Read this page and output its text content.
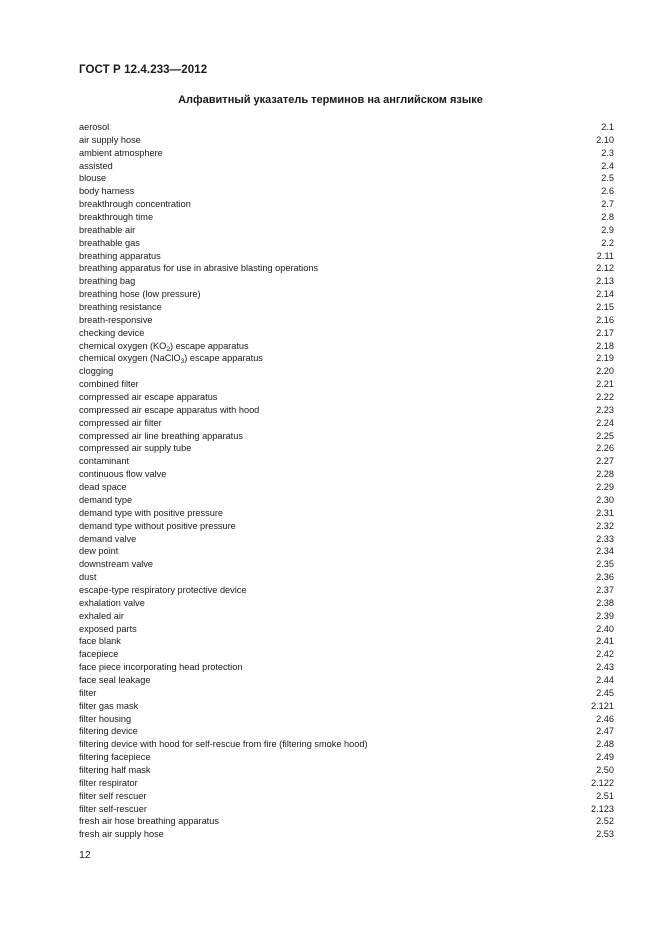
ГОСТ Р 12.4.233—2012
Алфавитный указатель терминов на английском языке
aerosol	2.1
air supply hose	2.10
ambient atmosphere	2.3
assisted	2.4
blouse	2.5
body harness	2.6
breakthrough concentration	2.7
breakthrough time	2.8
breathable air	2.9
breathable gas	2.2
breathing apparatus	2.11
breathing apparatus for use in abrasive blasting operations	2.12
breathing bag	2.13
breathing hose (low pressure)	2.14
breathing resistance	2.15
breath-responsive	2.16
checking device	2.17
chemical oxygen $(KO_2)$ escape apparatus	2.18
chemical oxygen (NaClO$_3$) escape apparatus	2.19
clogging	2.20
combined filter	2.21
compressed air escape apparatus	2.22
compressed air escape apparatus with hood	2.23
compressed air filter	2.24
compressed air line breathing apparatus	2.25
compressed air supply tube	2.26
contaminant	2.27
continuous flow valve	2.28
dead space	2.29
demand type	2.30
demand type with positive pressure	2.31
demand type without positive pressure	2.32
demand valve	2.33
dew point	2.34
downstream valve	2.35
dust	2.36
escape-type respiratory protective device	2.37
exhalation valve	2.38
exhaled air	2.39
exposed parts	2.40
face blank	2.41
facepiece	2.42
face piece incorporating head protection	2.43
face seal leakage	2.44
filter	2.45
filter gas mask	2.121
filter housing	2.46
filtering device	2.47
filtering device with hood for self-rescue from fire (filtering smoke hood)	2.48
filtering facepiece	2.49
filtering half mask	2.50
filter respirator	2.122
filter self rescuer	2.51
filter self-rescuer	2.123
fresh air hose breathing apparatus	2.52
fresh air supply hose	2.53
12
